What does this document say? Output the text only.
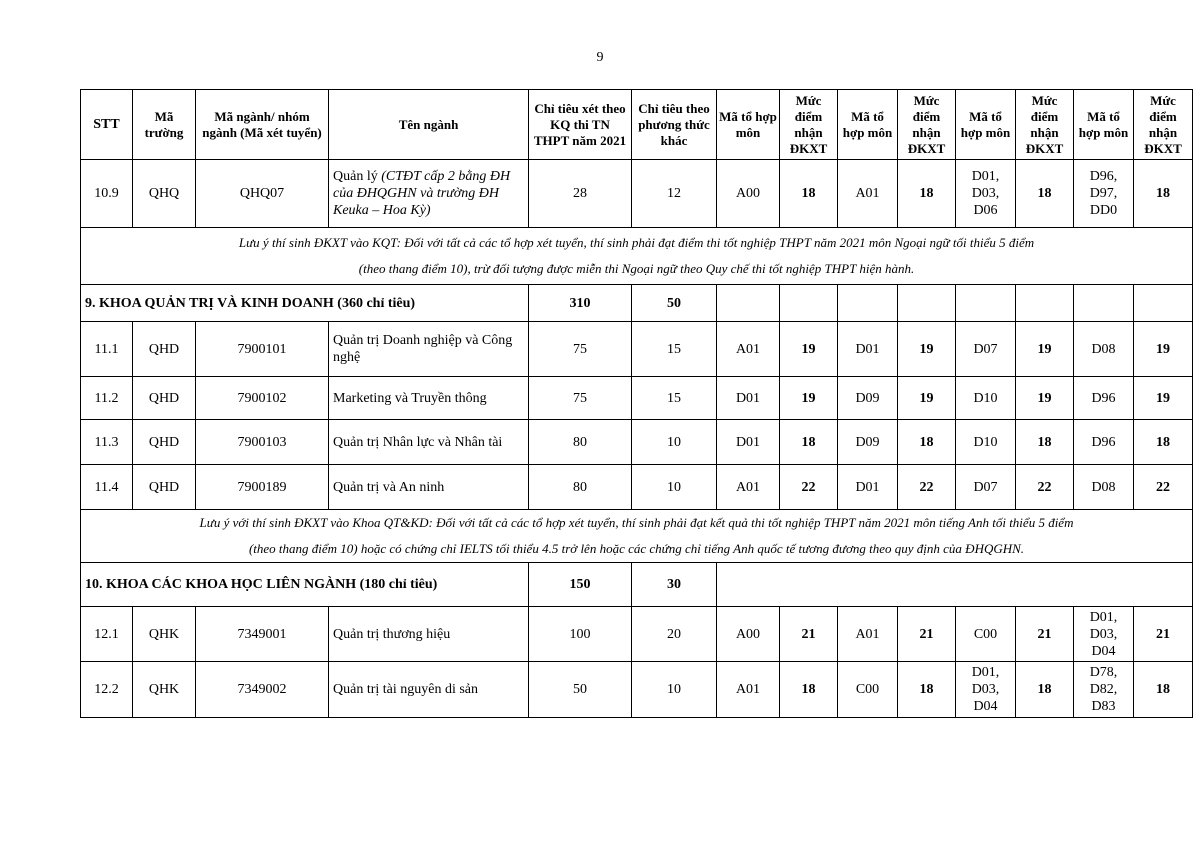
9
STT	Mã trường	Mã ngành/ nhóm ngành (Mã xét tuyển)	Tên ngành	Chỉ tiêu xét theo KQ thi TN THPT năm 2021	Chỉ tiêu theo phương thức khác	Mã tổ hợp môn	Mức điểm nhận ĐKXT	Mã tổ hợp môn	Mức điểm nhận ĐKXT	Mã tổ hợp môn	Mức điểm nhận ĐKXT	Mã tổ hợp môn	Mức điểm nhận ĐKXT
10.9	QHQ	QHQ07	Quản lý (CTĐT cấp 2 bằng ĐH của ĐHQGHN và trường ĐH Keuka – Hoa Kỳ)	28	12	A00	18	A01	18	D01, D03, D06	18	D96, D97, DD0	18

Lưu ý thí sinh ĐKXT vào KQT: Đối với tất cả các tổ hợp xét tuyển, thí sinh phải đạt điểm thi tốt nghiệp THPT năm 2021 môn Ngoại ngữ tối thiểu 5 điểm
(theo thang điểm 10), trừ đối tượng được miễn thi Ngoại ngữ theo Quy chế thi tốt nghiệp THPT hiện hành.													

9. KHOA QUẢN TRỊ VÀ KINH DOANH (360 chỉ tiêu)				310	50								
11.1	QHD	7900101	Quản trị Doanh nghiệp và Công nghệ	75	15	A01	19	D01	19	D07	19	D08	19
11.2	QHD	7900102	Marketing và Truyền thông	75	15	D01	19	D09	19	D10	19	D96	19
11.3	QHD	7900103	Quản trị Nhân lực và Nhân tài	80	10	D01	18	D09	18	D10	18	D96	18
11.4	QHD	7900189	Quản trị và An ninh	80	10	A01	22	D01	22	D07	22	D08	22

Lưu ý với thí sinh ĐKXT vào Khoa QT&KD: Đối với tất cả các tổ hợp xét tuyển, thí sinh phải đạt kết quả thi tốt nghiệp THPT năm 2021 môn tiếng Anh tối thiểu 5 điểm
(theo thang điểm 10) hoặc có chứng chỉ IELTS tối thiểu 4.5 trở lên hoặc các chứng chỉ tiếng Anh quốc tế tương đương theo quy định của ĐHQGHN.													

10. KHOA CÁC KHOA HỌC LIÊN NGÀNH (180 chỉ tiêu)				150	30								
12.1	QHK	7349001	Quản trị thương hiệu	100	20	A00	21	A01	21	C00	21	D01, D03, D04	21
12.2	QHK	7349002	Quản trị tài nguyên di sản	50	10	A01	18	C00	18	D01, D03, D04	18	D78, D82, D83	18
